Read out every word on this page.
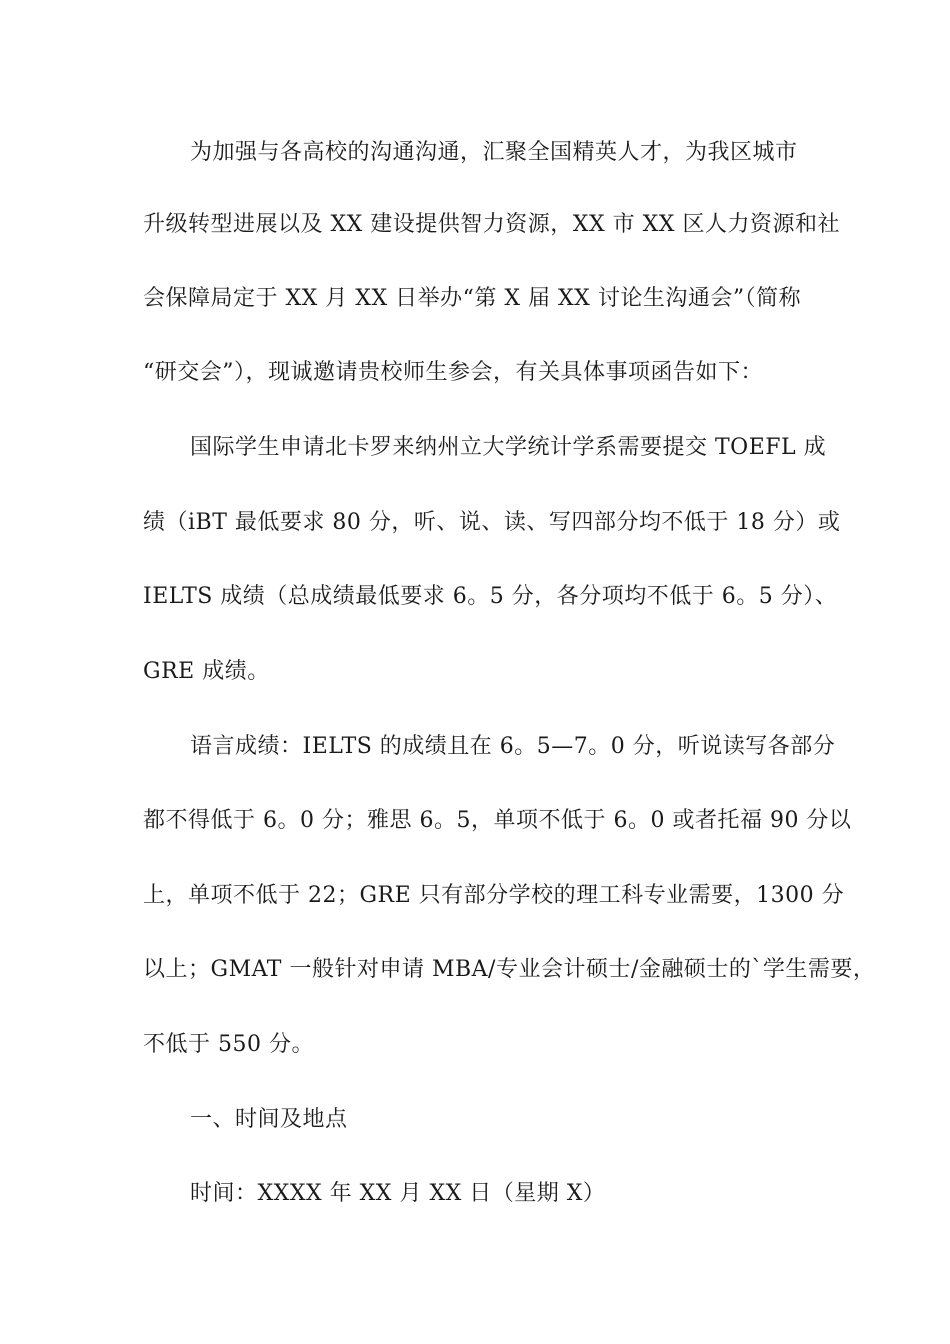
为加强与各高校的沟通沟通，汇聚全国精英人才，为我区城市
升级转型进展以及 XX 建设提供智力资源，XX 市 XX 区人力资源和社
会保障局定于 XX 月 XX 日举办“第 X 届 XX 讨论生沟通会”（简称
“研交会”），现诚邀请贵校师生参会，有关具体事项函告如下：
国际学生申请北卡罗来纳州立大学统计学系需要提交 TOEFL 成
绩（iBT 最低要求 80 分，听、说、读、写四部分均不低于 18 分）或
IELTS 成绩（总成绩最低要求 6。5 分，各分项均不低于 6。5 分）、
GRE 成绩。
语言成绩：IELTS 的成绩且在 6。5—7。0 分，听说读写各部分
都不得低于 6。0 分；雅思 6。5，单项不低于 6。0 或者托福 90 分以
上，单项不低于 22；GRE 只有部分学校的理工科专业需要，1300 分
以上；GMAT 一般针对申请 MBA/专业会计硕士/金融硕士的`学生需要，
不低于 550 分。
一、时间及地点
时间：XXXX 年 XX 月 XX 日（星期 X）
